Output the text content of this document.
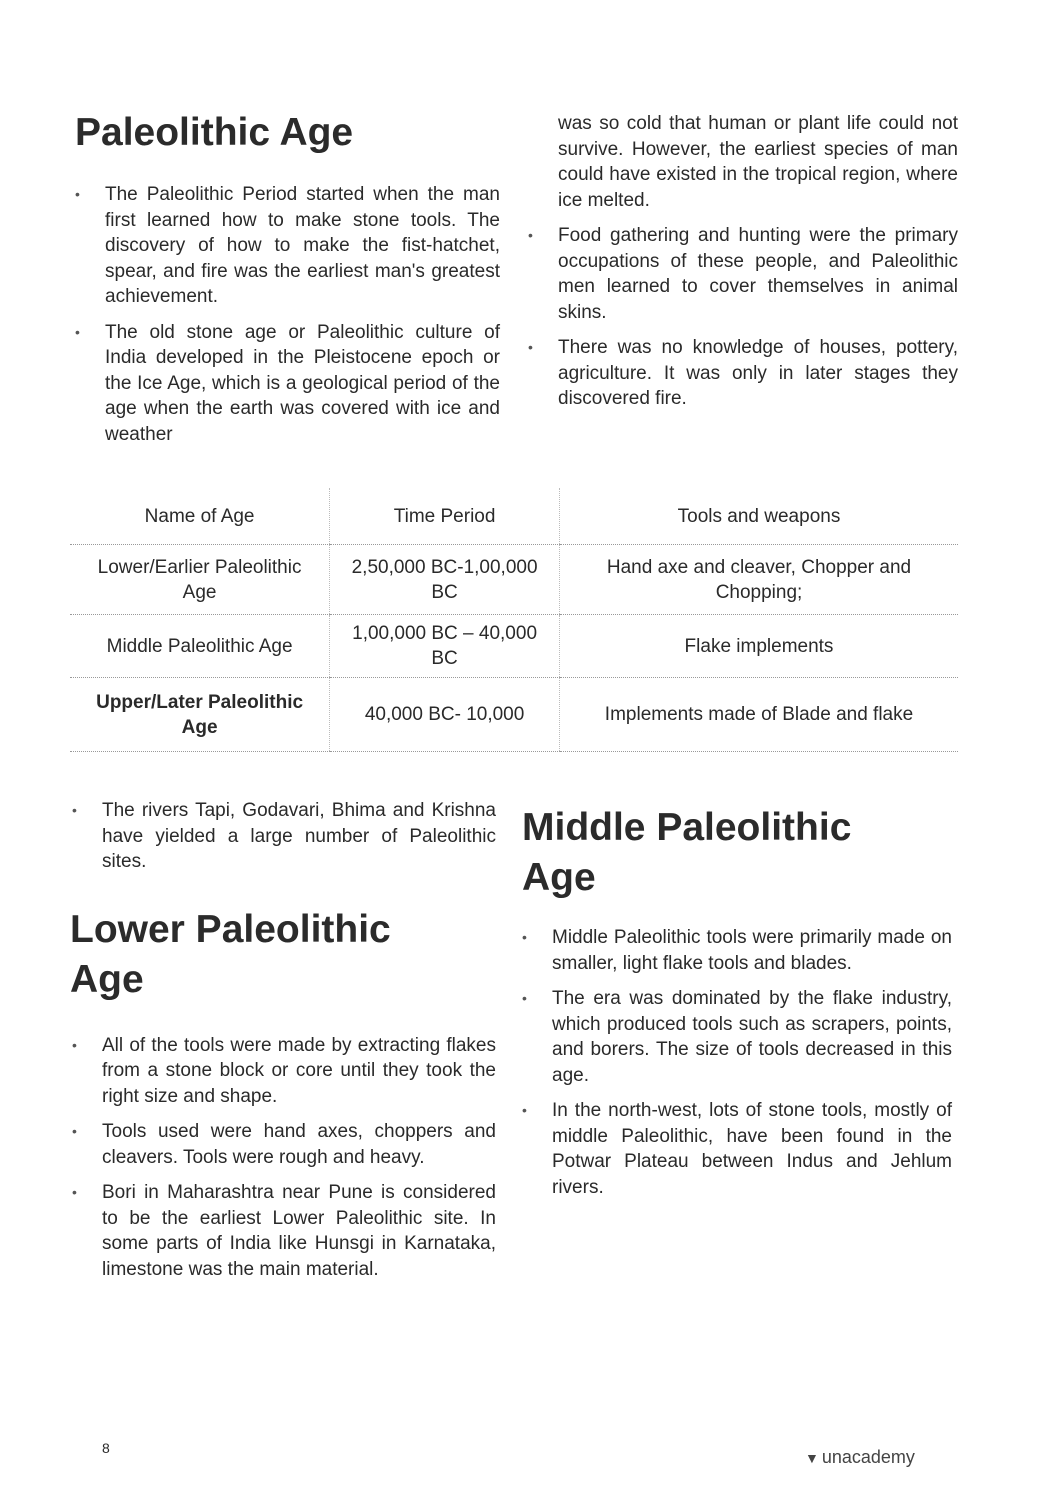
Paleolithic Age
• The Paleolithic Period started when the man first learned how to make stone tools. The discovery of how to make the fist-hatchet, spear, and fire was the earliest man's greatest achievement.
• The old stone age or Paleolithic culture of India developed in the Pleistocene epoch or the Ice Age, which is a geological period of the age when the earth was covered with ice and weather

was so cold that human or plant life could not survive. However, the earliest species of man could have existed in the tropical region, where ice melted.

• Food gathering and hunting were the primary occupations of these people, and Paleolithic men learned to cover themselves in animal skins.
• There was no knowledge of houses, pottery, agriculture. It was only in later stages they discovered fire.
Name of Age	Time Period	Tools and weapons
Lower/Earlier Paleolithic Age	2,50,000 BC-1,00,000 BC	Hand axe and cleaver, Chopper and Chopping;
Middle Paleolithic Age	1,00,000 BC – 40,000 BC	Flake implements
Upper/Later Paleolithic Age	40,000 BC- 10,000	Implements made of Blade and flake
• The rivers Tapi, Godavari, Bhima and Krishna have yielded a large number of Paleolithic sites.
Lower Paleolithic Age
• All of the tools were made by extracting flakes from a stone block or core until they took the right size and shape.
• Tools used were hand axes, choppers and cleavers. Tools were rough and heavy.
• Bori in Maharashtra near Pune is considered to be the earliest Lower Paleolithic site. In some parts of India like Hunsgi in Karnataka, limestone was the main material.
Middle Paleolithic Age
• Middle Paleolithic tools were primarily made on smaller, light flake tools and blades.
• The era was dominated by the flake industry, which produced tools such as scrapers, points, and borers. The size of tools decreased in this age.
• In the north-west, lots of stone tools, mostly of middle Paleolithic, have been found in the Potwar Plateau between Indus and Jehlum rivers.
8
▼ unacademy
